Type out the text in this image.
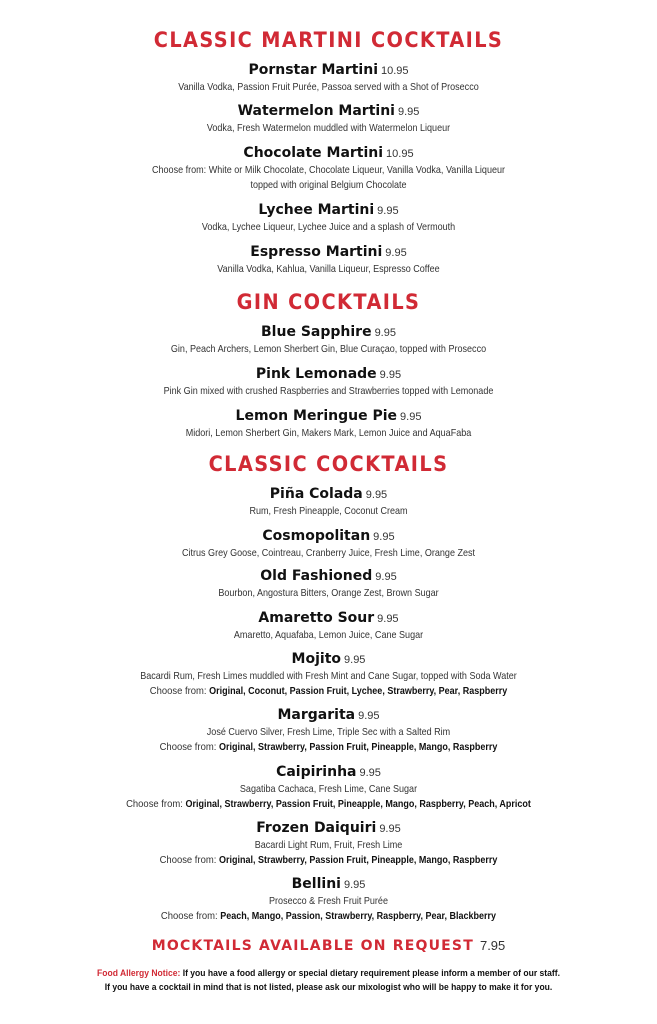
CLASSIC MARTINI COCKTAILS
Pornstar Martini 10.95
Vanilla Vodka, Passion Fruit Purée, Passoa served with a Shot of Prosecco
Watermelon Martini 9.95
Vodka, Fresh Watermelon muddled with Watermelon Liqueur
Chocolate Martini 10.95
Choose from: White or Milk Chocolate, Chocolate Liqueur, Vanilla Vodka, Vanilla Liqueur
topped with original Belgium Chocolate
Lychee Martini 9.95
Vodka, Lychee Liqueur, Lychee Juice and a splash of Vermouth
Espresso Martini 9.95
Vanilla Vodka, Kahlua, Vanilla Liqueur, Espresso Coffee
GIN COCKTAILS
Blue Sapphire 9.95
Gin, Peach Archers, Lemon Sherbert Gin, Blue Curaçao, topped with Prosecco
Pink Lemonade 9.95
Pink Gin mixed with crushed Raspberries and Strawberries topped with Lemonade
Lemon Meringue Pie 9.95
Midori, Lemon Sherbert Gin, Makers Mark, Lemon Juice and AquaFaba
CLASSIC COCKTAILS
Piña Colada 9.95
Rum, Fresh Pineapple, Coconut Cream
Cosmopolitan 9.95
Citrus Grey Goose, Cointreau, Cranberry Juice, Fresh Lime, Orange Zest
Old Fashioned 9.95
Bourbon, Angostura Bitters, Orange Zest, Brown Sugar
Amaretto Sour 9.95
Amaretto, Aquafaba, Lemon Juice, Cane Sugar
Mojito 9.95
Bacardi Rum, Fresh Limes muddled with Fresh Mint and Cane Sugar, topped with Soda Water
Choose from: Original, Coconut, Passion Fruit, Lychee, Strawberry, Pear, Raspberry
Margarita 9.95
José Cuervo Silver, Fresh Lime, Triple Sec with a Salted Rim
Choose from: Original, Strawberry, Passion Fruit, Pineapple, Mango, Raspberry
Caipirinha 9.95
Sagatiba Cachaca, Fresh Lime, Cane Sugar
Choose from: Original, Strawberry, Passion Fruit, Pineapple, Mango, Raspberry, Peach, Apricot
Frozen Daiquiri 9.95
Bacardi Light Rum, Fruit, Fresh Lime
Choose from: Original, Strawberry, Passion Fruit, Pineapple, Mango, Raspberry
Bellini 9.95
Prosecco & Fresh Fruit Purée
Choose from: Peach, Mango, Passion, Strawberry, Raspberry, Pear, Blackberry
MOCKTAILS AVAILABLE ON REQUEST 7.95
Food Allergy Notice: If you have a food allergy or special dietary requirement please inform a member of our staff.
If you have a cocktail in mind that is not listed, please ask our mixologist who will be happy to make it for you.
